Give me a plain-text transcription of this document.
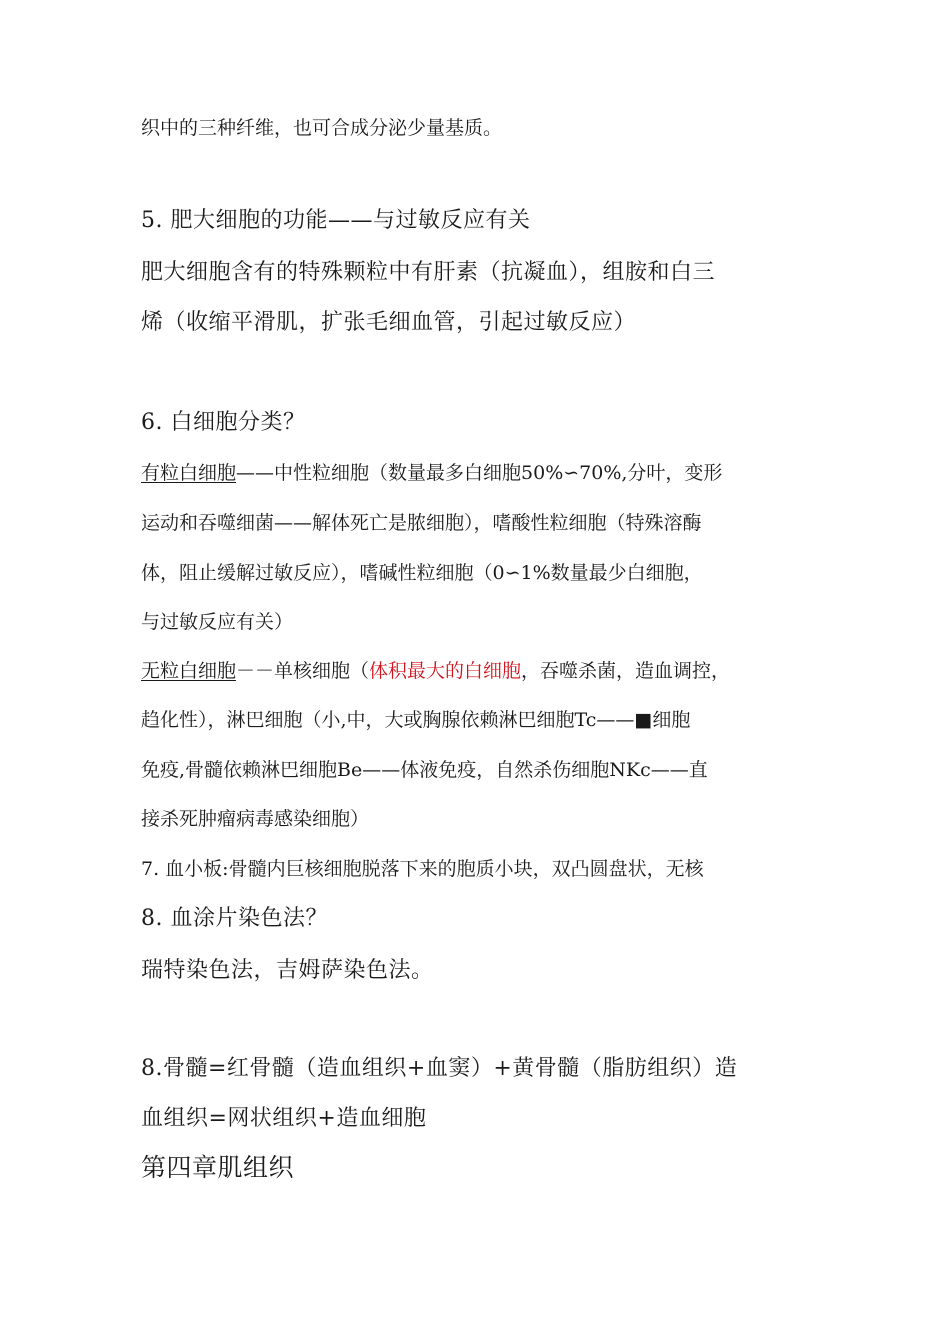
织中的三种纤维，也可合成分泌少量基质。

5. 肥大细胞的功能——与过敏反应有关

肥大细胞含有的特殊颗粒中有肝素（抗凝血），组胺和白三

烯（收缩平滑肌，扩张毛细血管，引起过敏反应）

6. 白细胞分类？

有粒白细胞——中性粒细胞（数量最多白细胞50%∽70%,分叶，变形

运动和吞噬细菌——解体死亡是脓细胞），嗜酸性粒细胞（特殊溶酶

体，阻止缓解过敏反应），嗜碱性粒细胞（0∽1%数量最少白细胞，

与过敏反应有关）

无粒白细胞－－单核细胞（体积最大的白细胞，吞噬杀菌，造血调控，

趋化性），淋巴细胞（小,中，大或胸腺依赖淋巴细胞Tc——■细胞

免疫,骨髓依赖淋巴细胞Be——体液免疫，自然杀伤细胞NKc——直

接杀死肿瘤病毒感染细胞）

7. 血小板:骨髓内巨核细胞脱落下来的胞质小块，双凸圆盘状，无核

8. 血涂片染色法？

瑞特染色法，吉姆萨染色法。

8.骨髓=红骨髓（造血组织+血窦）+黄骨髓（脂肪组织）造

血组织=网状组织+造血细胞

第四章肌组织
